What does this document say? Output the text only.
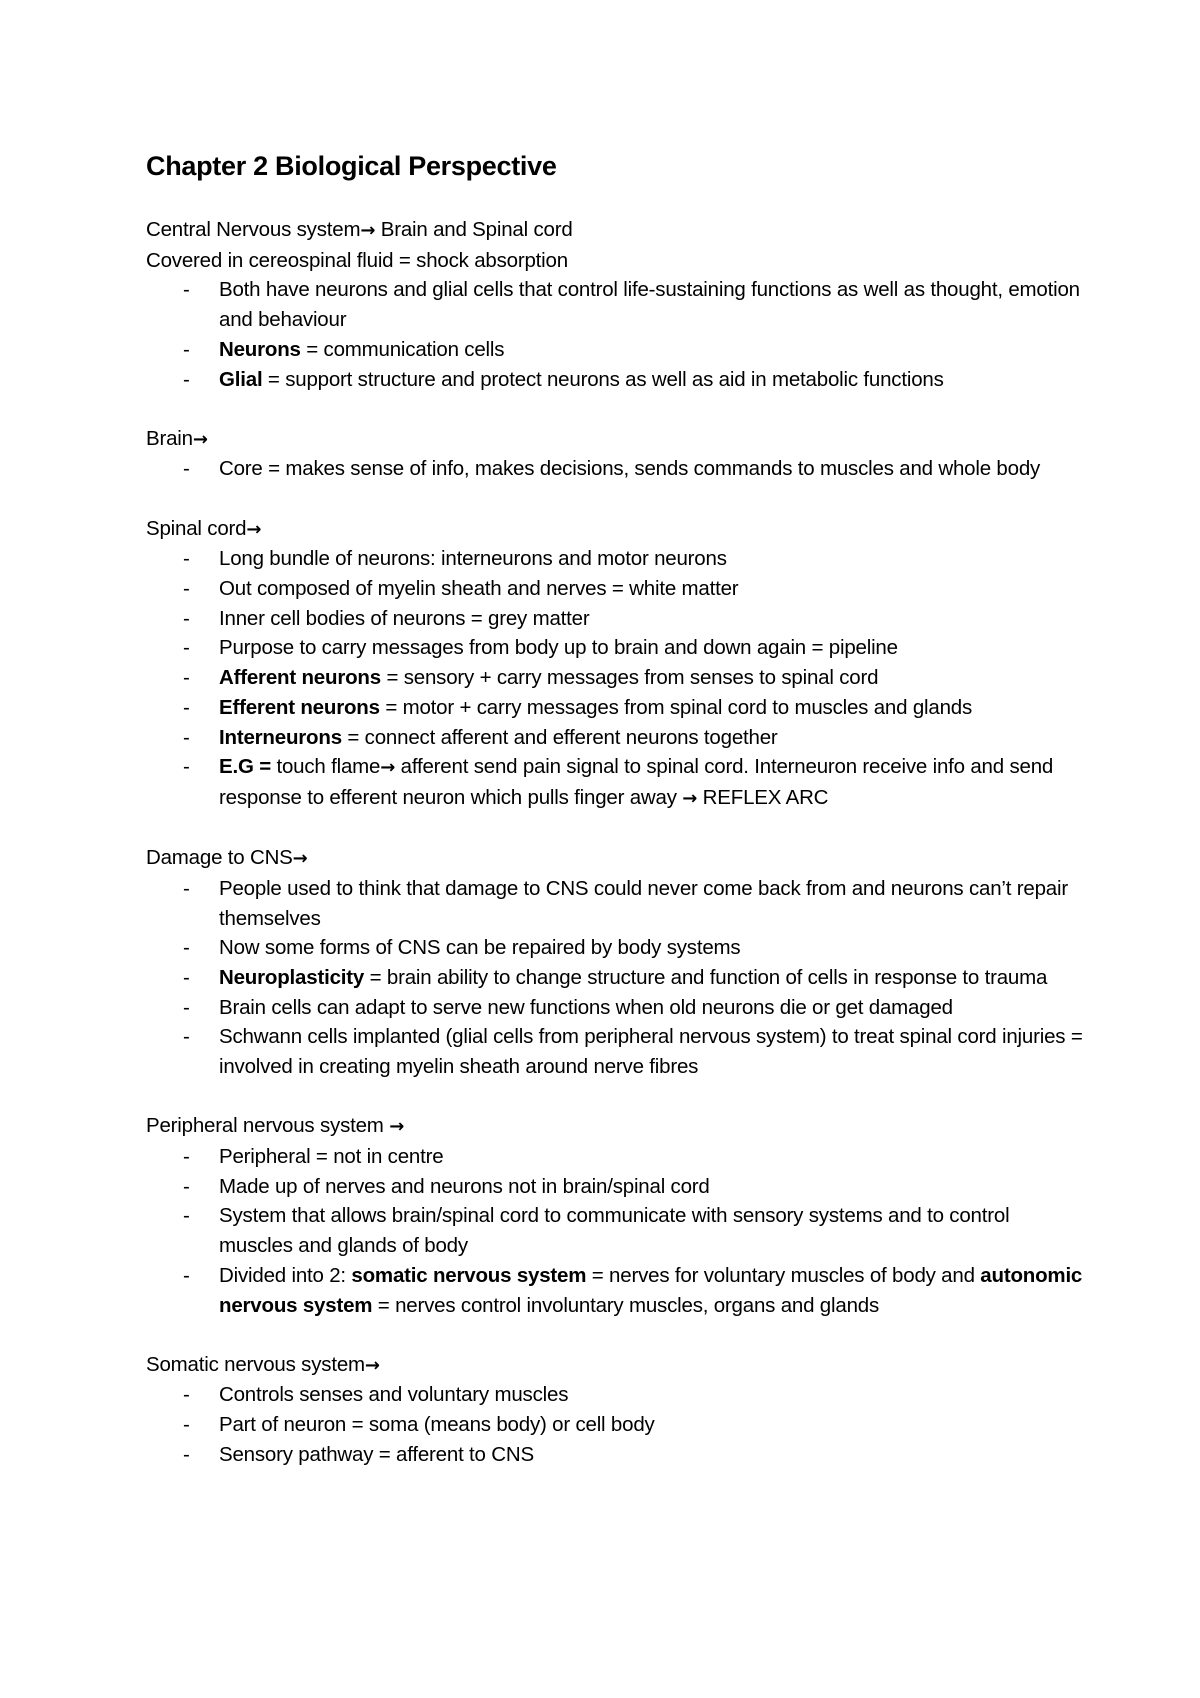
Chapter 2 Biological Perspective
Central Nervous system→ Brain and Spinal cord
Covered in cereospinal fluid = shock absorption
- Both have neurons and glial cells that control life-sustaining functions as well as thought, emotion and behaviour
- Neurons = communication cells
- Glial = support structure and protect neurons as well as aid in metabolic functions
Brain→
- Core = makes sense of info, makes decisions, sends commands to muscles and whole body
Spinal cord→
- Long bundle of neurons: interneurons and motor neurons
- Out composed of myelin sheath and nerves = white matter
- Inner cell bodies of neurons = grey matter
- Purpose to carry messages from body up to brain and down again = pipeline
- Afferent neurons = sensory + carry messages from senses to spinal cord
- Efferent neurons = motor + carry messages from spinal cord to muscles and glands
- Interneurons = connect afferent and efferent neurons together
- E.G = touch flame→ afferent send pain signal to spinal cord. Interneuron receive info and send response to efferent neuron which pulls finger away → REFLEX ARC
Damage to CNS→
- People used to think that damage to CNS could never come back from and neurons can’t repair themselves
- Now some forms of CNS can be repaired by body systems
- Neuroplasticity = brain ability to change structure and function of cells in response to trauma
- Brain cells can adapt to serve new functions when old neurons die or get damaged
- Schwann cells implanted (glial cells from peripheral nervous system) to treat spinal cord injuries = involved in creating myelin sheath around nerve fibres
Peripheral nervous system →
- Peripheral = not in centre
- Made up of nerves and neurons not in brain/spinal cord
- System that allows brain/spinal cord to communicate with sensory systems and to control muscles and glands of body
- Divided into 2: somatic nervous system = nerves for voluntary muscles of body and autonomic nervous system = nerves control involuntary muscles, organs and glands
Somatic nervous system→
- Controls senses and voluntary muscles
- Part of neuron = soma (means body) or cell body
- Sensory pathway = afferent to CNS
